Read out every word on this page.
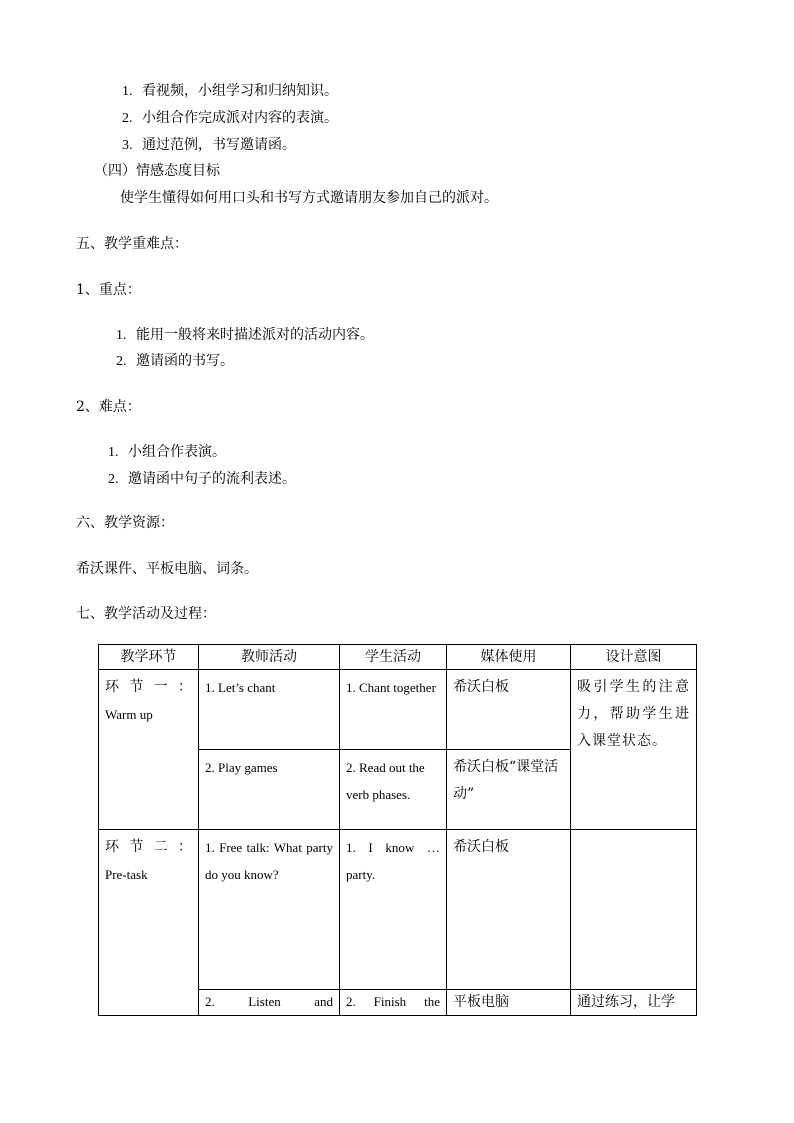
1. 看视频，小组学习和归纳知识。
2. 小组合作完成派对内容的表演。
3. 通过范例，书写邀请函。
（四）情感态度目标
使学生懂得如何用口头和书写方式邀请朋友参加自己的派对。
五、教学重难点：
1、重点：
1. 能用一般将来时描述派对的活动内容。
2. 邀请函的书写。
2、难点：
1. 小组合作表演。
2. 邀请函中句子的流利表述。
六、教学资源：
希沃课件、平板电脑、词条。
七、教学活动及过程：
教学环节	教师活动	学生活动	媒体使用	设计意图

环节一：
Warm up	1. Let’s chant	1. Chant together	希沃白板	吸引学生的注意力，帮助学生进入课堂状态。
	2. Play games	2. Read out the verb phases.	希沃白板“课堂活动”	

环节二：
Pre-task	1. Free talk: What party do you know?	1. I know … party.	希沃白板	
	2. Listen and	2. Finish the	平板电脑	通过练习，让学
